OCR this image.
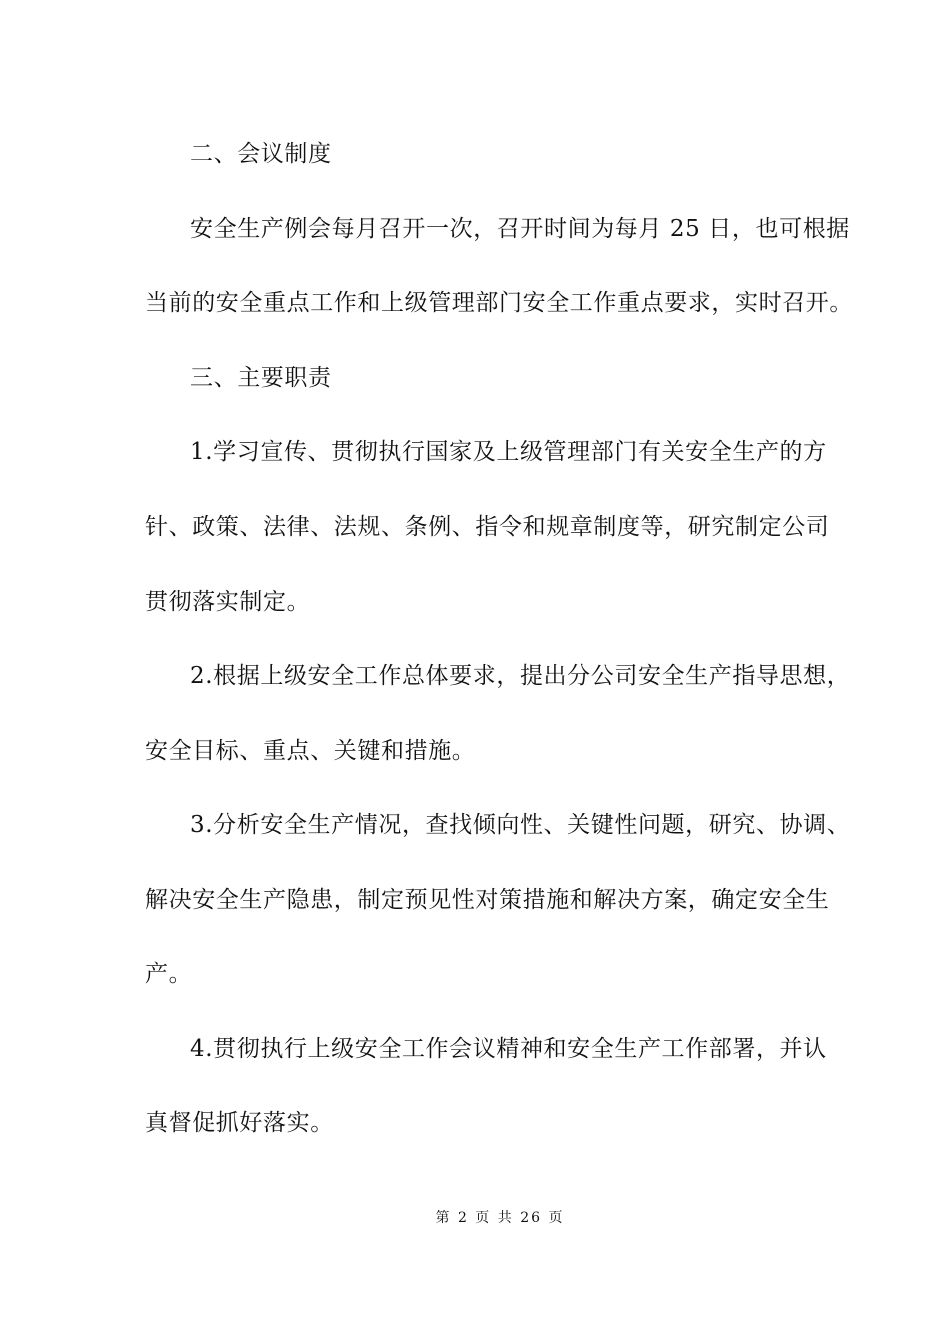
二、会议制度
安全生产例会每月召开一次，召开时间为每月 25 日，也可根据
当前的安全重点工作和上级管理部门安全工作重点要求，实时召开。
三、主要职责
1.学习宣传、贯彻执行国家及上级管理部门有关安全生产的方
针、政策、法律、法规、条例、指令和规章制度等，研究制定公司
贯彻落实制定。
2.根据上级安全工作总体要求，提出分公司安全生产指导思想，
安全目标、重点、关键和措施。
3.分析安全生产情况，查找倾向性、关键性问题，研究、协调、
解决安全生产隐患，制定预见性对策措施和解决方案，确定安全生
产。
4.贯彻执行上级安全工作会议精神和安全生产工作部署，并认
真督促抓好落实。
第 2 页 共 26 页
